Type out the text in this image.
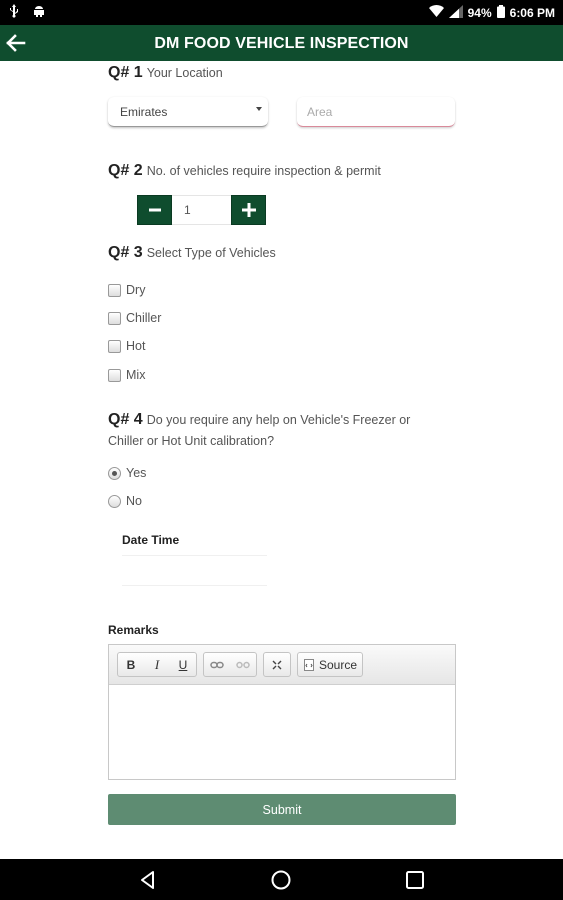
94% 6:06 PM
DM FOOD VEHICLE INSPECTION
Q# 1 Your Location
Emirates
Area
Q# 2 No. of vehicles require inspection & permit
1
Q# 3 Select Type of Vehicles
Dry
Chiller
Hot
Mix
Q# 4 Do you require any help on Vehicle's Freezer or Chiller or Hot Unit calibration?
Yes
No
Date Time
Remarks
B	I	U	Source
Submit
